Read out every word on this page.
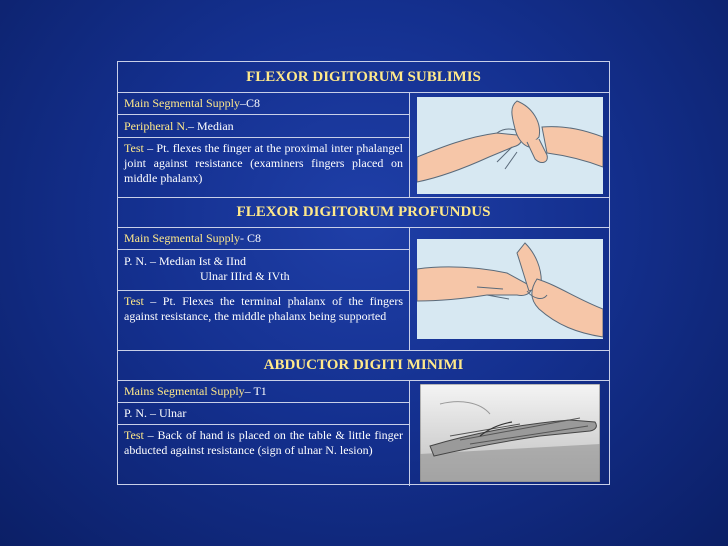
FLEXOR DIGITORUM SUBLIMIS
Main Segmental Supply –C8
Peripheral N. – Median
Test – Pt. flexes the finger at the proximal inter phalangel joint against resistance (examiners fingers placed on middle phalanx)
FLEXOR DIGITORUM PROFUNDUS
Main Segmental Supply - C8
P. N. – Median Ist & IInd
Ulnar IIIrd & IVth
Test – Pt. Flexes the terminal phalanx of the fingers against resistance, the middle phalanx being supported
ABDUCTOR DIGITI MINIMI
Mains Segmental Supply – T1
P. N. – Ulnar
Test – Back of hand is placed on the table & little finger abducted against resistance (sign of ulnar N. lesion)
